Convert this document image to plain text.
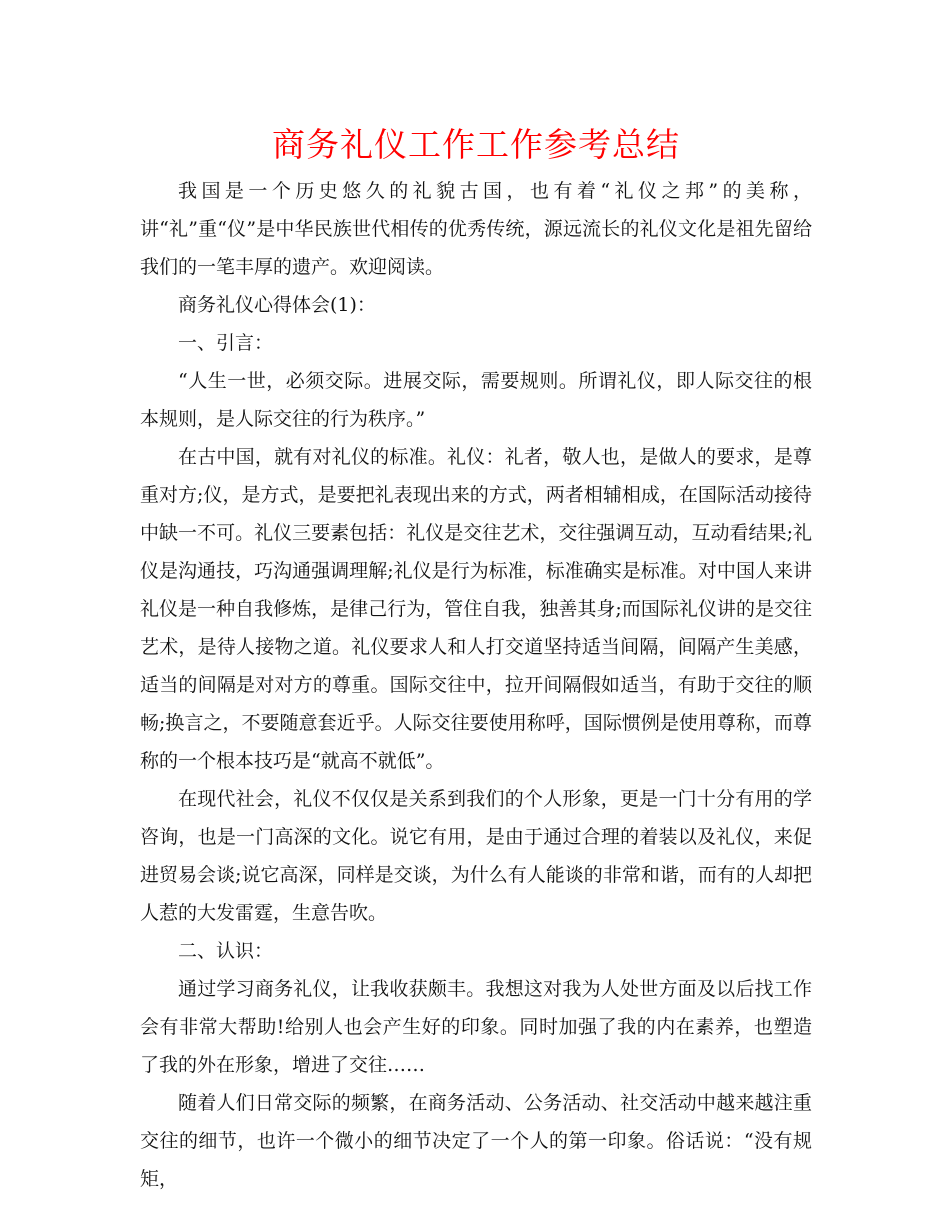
商务礼仪工作工作参考总结

我国是一个历史悠久的礼貌古国，也有着“礼仪之邦”的美称，讲“礼”重“仪”是中华民族世代相传的优秀传统，源远流长的礼仪文化是祖先留给我们的一笔丰厚的遗产。欢迎阅读。

商务礼仪心得体会(1)：

一、引言：

“人生一世，必须交际。进展交际，需要规则。所谓礼仪，即人际交往的根本规则，是人际交往的行为秩序。”

在古中国，就有对礼仪的标准。礼仪：礼者，敬人也，是做人的要求，是尊重对方;仪，是方式，是要把礼表现出来的方式，两者相辅相成，在国际活动接待中缺一不可。礼仪三要素包括：礼仪是交往艺术，交往强调互动，互动看结果;礼仪是沟通技，巧沟通强调理解;礼仪是行为标准，标准确实是标准。对中国人来讲礼仪是一种自我修炼，是律己行为，管住自我，独善其身;而国际礼仪讲的是交往艺术，是待人接物之道。礼仪要求人和人打交道坚持适当间隔，间隔产生美感，适当的间隔是对对方的尊重。国际交往中，拉开间隔假如适当，有助于交往的顺畅;换言之，不要随意套近乎。人际交往要使用称呼，国际惯例是使用尊称，而尊称的一个根本技巧是“就高不就低”。

在现代社会，礼仪不仅仅是关系到我们的个人形象，更是一门十分有用的学咨询，也是一门高深的文化。说它有用，是由于通过合理的着装以及礼仪，来促进贸易会谈;说它高深，同样是交谈，为什么有人能谈的非常和谐，而有的人却把人惹的大发雷霆，生意告吹。

二、认识：

通过学习商务礼仪，让我收获颇丰。我想这对我为人处世方面及以后找工作会有非常大帮助!给别人也会产生好的印象。同时加强了我的内在素养，也塑造了我的外在形象，增进了交往……

随着人们日常交际的频繁，在商务活动、公务活动、社交活动中越来越注重交往的细节，也许一个微小的细节决定了一个人的第一印象。俗话说：“没有规矩，
